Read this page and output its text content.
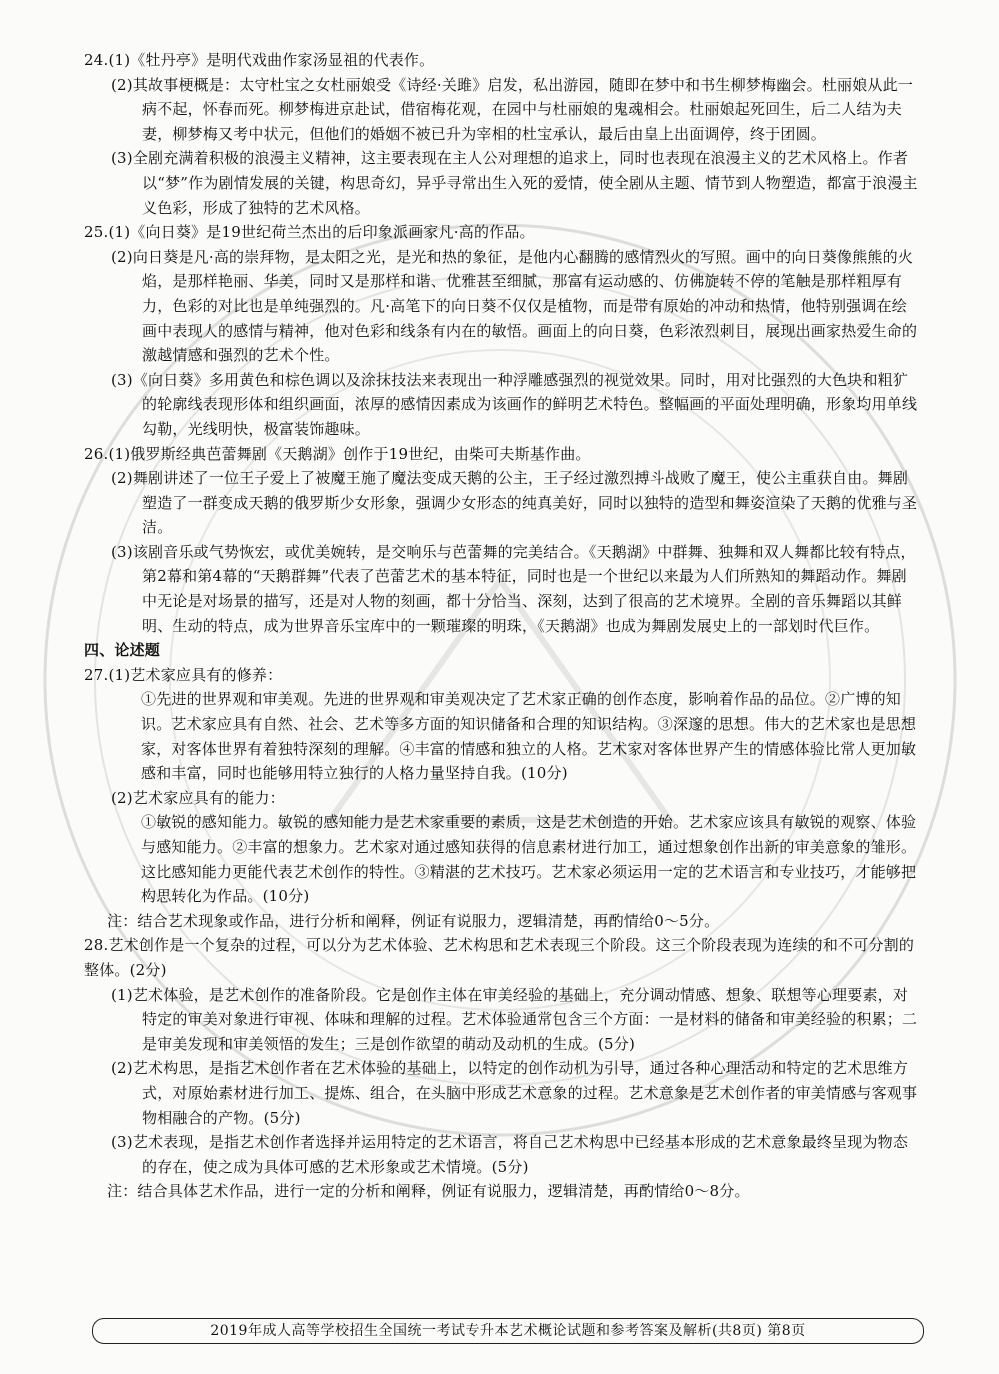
24.(1)《牡丹亭》是明代戏曲作家汤显祖的代表作。

(2)其故事梗概是：太守杜宝之女杜丽娘受《诗经·关雎》启发，私出游园，随即在梦中和书生柳梦梅幽会。杜丽娘从此一病不起，怀春而死。柳梦梅进京赴试，借宿梅花观，在园中与杜丽娘的鬼魂相会。杜丽娘起死回生，后二人结为夫妻，柳梦梅又考中状元，但他们的婚姻不被已升为宰相的杜宝承认，最后由皇上出面调停，终于团圆。

(3)全剧充满着积极的浪漫主义精神，这主要表现在主人公对理想的追求上，同时也表现在浪漫主义的艺术风格上。作者以“梦”作为剧情发展的关键，构思奇幻，异乎寻常出生入死的爱情，使全剧从主题、情节到人物塑造，都富于浪漫主义色彩，形成了独特的艺术风格。

25.(1)《向日葵》是19世纪荷兰杰出的后印象派画家凡·高的作品。

(2)向日葵是凡·高的崇拜物，是太阳之光，是光和热的象征，是他内心翻腾的感情烈火的写照。画中的向日葵像熊熊的火焰，是那样艳丽、华美，同时又是那样和谐、优雅甚至细腻，那富有运动感的、仿佛旋转不停的笔触是那样粗厚有力，色彩的对比也是单纯强烈的。凡·高笔下的向日葵不仅仅是植物，而是带有原始的冲动和热情，他特别强调在绘画中表现人的感情与精神，他对色彩和线条有内在的敏悟。画面上的向日葵，色彩浓烈刺目，展现出画家热爱生命的激越情感和强烈的艺术个性。

(3)《向日葵》多用黄色和棕色调以及涂抹技法来表现出一种浮雕感强烈的视觉效果。同时，用对比强烈的大色块和粗犷的轮廓线表现形体和组织画面，浓厚的感情因素成为该画作的鲜明艺术特色。整幅画的平面处理明确，形象均用单线勾勒，光线明快，极富装饰趣味。

26.(1)俄罗斯经典芭蕾舞剧《天鹅湖》创作于19世纪，由柴可夫斯基作曲。

(2)舞剧讲述了一位王子爱上了被魔王施了魔法变成天鹅的公主，王子经过激烈搏斗战败了魔王，使公主重获自由。舞剧塑造了一群变成天鹅的俄罗斯少女形象，强调少女形态的纯真美好，同时以独特的造型和舞姿渲染了天鹅的优雅与圣洁。

(3)该剧音乐或气势恢宏，或优美婉转，是交响乐与芭蕾舞的完美结合。《天鹅湖》中群舞、独舞和双人舞都比较有特点，第2幕和第4幕的“天鹅群舞”代表了芭蕾艺术的基本特征，同时也是一个世纪以来最为人们所熟知的舞蹈动作。舞剧中无论是对场景的描写，还是对人物的刻画，都十分恰当、深刻，达到了很高的艺术境界。全剧的音乐舞蹈以其鲜明、生动的特点，成为世界音乐宝库中的一颗璀璨的明珠，《天鹅湖》也成为舞剧发展史上的一部划时代巨作。

四、论述题

27.(1)艺术家应具有的修养：

①先进的世界观和审美观。先进的世界观和审美观决定了艺术家正确的创作态度，影响着作品的品位。②广博的知识。艺术家应具有自然、社会、艺术等多方面的知识储备和合理的知识结构。③深邃的思想。伟大的艺术家也是思想家，对客体世界有着独特深刻的理解。④丰富的情感和独立的人格。艺术家对客体世界产生的情感体验比常人更加敏感和丰富，同时也能够用特立独行的人格力量坚持自我。(10分)

(2)艺术家应具有的能力：

①敏锐的感知能力。敏锐的感知能力是艺术家重要的素质，这是艺术创造的开始。艺术家应该具有敏锐的观察、体验与感知能力。②丰富的想象力。艺术家对通过感知获得的信息素材进行加工，通过想象创作出新的审美意象的雏形。这比感知能力更能代表艺术创作的特性。③精湛的艺术技巧。艺术家必须运用一定的艺术语言和专业技巧，才能够把构思转化为作品。(10分)

注：结合艺术现象或作品，进行分析和阐释，例证有说服力，逻辑清楚，再酌情给0～5分。

28.艺术创作是一个复杂的过程，可以分为艺术体验、艺术构思和艺术表现三个阶段。这三个阶段表现为连续的和不可分割的整体。(2分)

(1)艺术体验，是艺术创作的准备阶段。它是创作主体在审美经验的基础上，充分调动情感、想象、联想等心理要素，对特定的审美对象进行审视、体味和理解的过程。艺术体验通常包含三个方面：一是材料的储备和审美经验的积累；二是审美发现和审美领悟的发生；三是创作欲望的萌动及动机的生成。(5分)

(2)艺术构思，是指艺术创作者在艺术体验的基础上，以特定的创作动机为引导，通过各种心理活动和特定的艺术思维方式，对原始素材进行加工、提炼、组合，在头脑中形成艺术意象的过程。艺术意象是艺术创作者的审美情感与客观事物相融合的产物。(5分)

(3)艺术表现，是指艺术创作者选择并运用特定的艺术语言，将自己艺术构思中已经基本形成的艺术意象最终呈现为物态的存在，使之成为具体可感的艺术形象或艺术情境。(5分)

注：结合具体艺术作品，进行一定的分析和阐释，例证有说服力，逻辑清楚，再酌情给0～8分。

2019年成人高等学校招生全国统一考试专升本艺术概论试题和参考答案及解析(共8页) 第8页
